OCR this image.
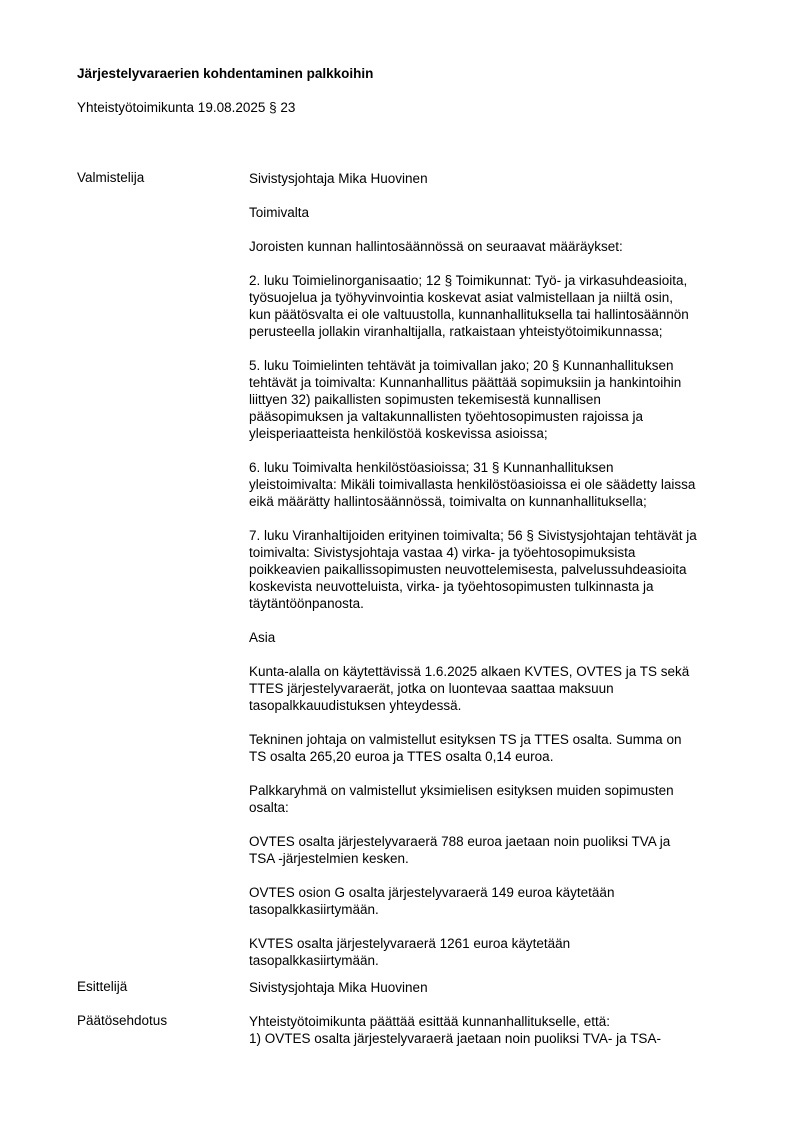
Järjestelyvaraerien kohdentaminen palkkoihin
Yhteistyötoimikunta 19.08.2025 § 23
Valmistelija	Sivistysjohtaja Mika Huovinen

Toimivalta

Joroisten kunnan hallintosäännössä on seuraavat määräykset:

2. luku Toimielinorganisaatio; 12 § Toimikunnat: Työ- ja virkasuhdeasioita,
työsuojelua ja työhyvinvointia koskevat asiat valmistellaan ja niiltä osin,
kun päätösvalta ei ole valtuustolla, kunnanhallituksella tai hallintosäännön
perusteella jollakin viranhaltijalla, ratkaistaan yhteistyötoimikunnassa;

5. luku Toimielinten tehtävät ja toimivallan jako; 20 § Kunnanhallituksen
tehtävät ja toimivalta: Kunnanhallitus päättää sopimuksiin ja hankintoihin
liittyen 32) paikallisten sopimusten tekemisestä kunnallisen
pääsopimuksen ja valtakunnallisten työehtosopimusten rajoissa ja
yleisperiaatteista henkilöstöä koskevissa asioissa;

6. luku Toimivalta henkilöstöasioissa; 31 § Kunnanhallituksen
yleistoimivalta: Mikäli toimivallasta henkilöstöasioissa ei ole säädetty laissa
eikä määrätty hallintosäännössä, toimivalta on kunnanhallituksella;

7. luku Viranhaltijoiden erityinen toimivalta; 56 § Sivistysjohtajan tehtävät ja
toimivalta: Sivistysjohtaja vastaa 4) virka- ja työehtosopimuksista
poikkeavien paikallissopimusten neuvottelemisesta, palvelussuhdeasioita
koskevista neuvotteluista, virka- ja työehtosopimusten tulkinnasta ja
täytäntöönpanosta.

Asia

Kunta-alalla on käytettävissä 1.6.2025 alkaen KVTES, OVTES ja TS sekä
TTES järjestelyvaraerät, jotka on luontevaa saattaa maksuun
tasopalkkauudistuksen yhteydessä.

Tekninen johtaja on valmistellut esityksen TS ja TTES osalta. Summa on
TS osalta 265,20 euroa ja TTES osalta 0,14 euroa.

Palkkaryhmä on valmistellut yksimielisen esityksen muiden sopimusten
osalta:

OVTES osalta järjestelyvaraerä 788 euroa jaetaan noin puoliksi TVA ja
TSA -järjestelmien kesken.

OVTES osion G osalta järjestelyvaraerä 149 euroa käytetään
tasopalkkasiirtymään.

KVTES osalta järjestelyvaraerä 1261 euroa käytetään
tasopalkkasiirtymään.

Esittelijä	Sivistysjohtaja Mika Huovinen
Päätösehdotus	Yhteistyötoimikunta päättää esittää kunnanhallitukselle, että:
1) OVTES osalta järjestelyvaraerä jaetaan noin puoliksi TVA- ja TSA-
